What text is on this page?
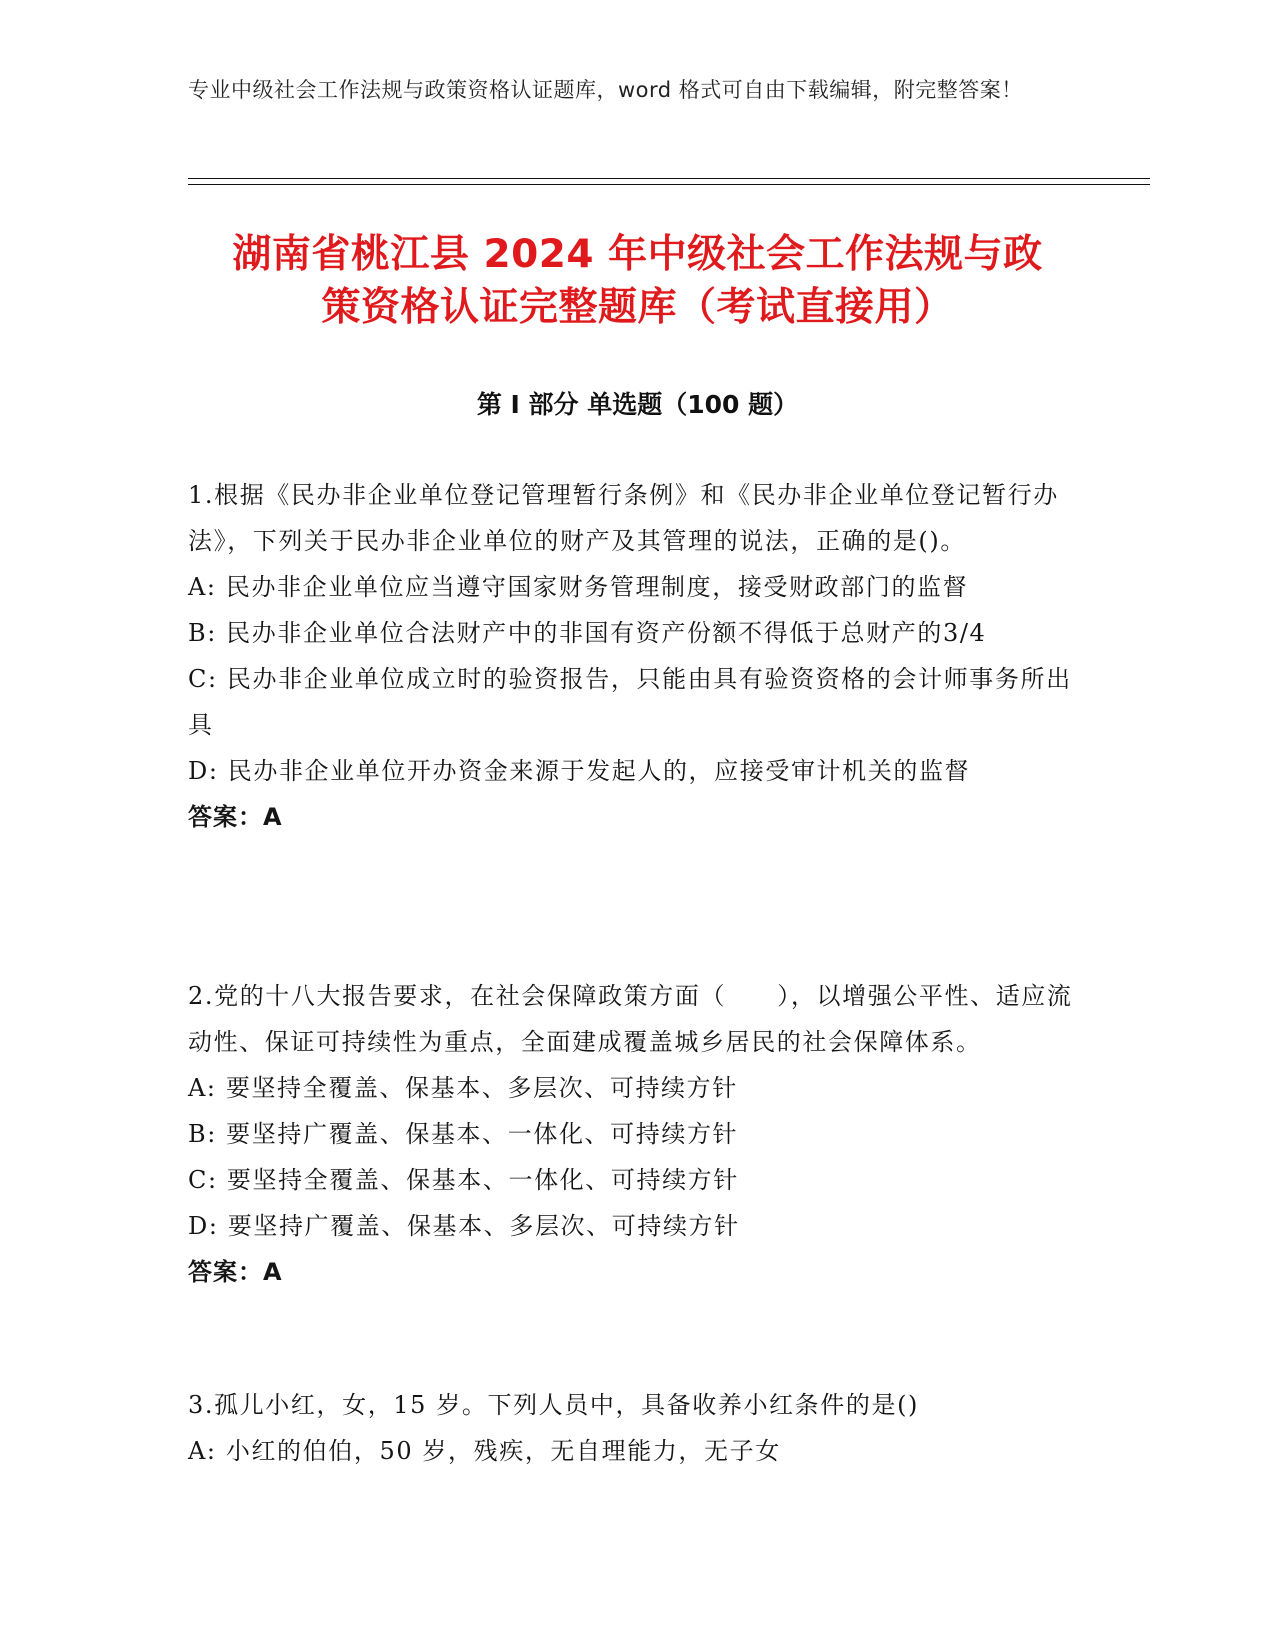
专业中级社会工作法规与政策资格认证题库，word 格式可自由下载编辑，附完整答案！
湖南省桃江县 2024 年中级社会工作法规与政
策资格认证完整题库（考试直接用）
第 I 部分 单选题（100 题）

1.根据《民办非企业单位登记管理暂行条例》和《民办非企业单位登记暂行办法》，下列关于民办非企业单位的财产及其管理的说法，正确的是()。

A: 民办非企业单位应当遵守国家财务管理制度，接受财政部门的监督

B: 民办非企业单位合法财产中的非国有资产份额不得低于总财产的3/4

C: 民办非企业单位成立时的验资报告，只能由具有验资资格的会计师事务所出具

D: 民办非企业单位开办资金来源于发起人的，应接受审计机关的监督

答案：A

2.党的十八大报告要求，在社会保障政策方面（　　），以增强公平性、适应流动性、保证可持续性为重点，全面建成覆盖城乡居民的社会保障体系。

A: 要坚持全覆盖、保基本、多层次、可持续方针

B: 要坚持广覆盖、保基本、一体化、可持续方针

C: 要坚持全覆盖、保基本、一体化、可持续方针

D: 要坚持广覆盖、保基本、多层次、可持续方针

答案：A

3.孤儿小红，女，15 岁。下列人员中，具备收养小红条件的是()

A: 小红的伯伯，50 岁，残疾，无自理能力，无子女
